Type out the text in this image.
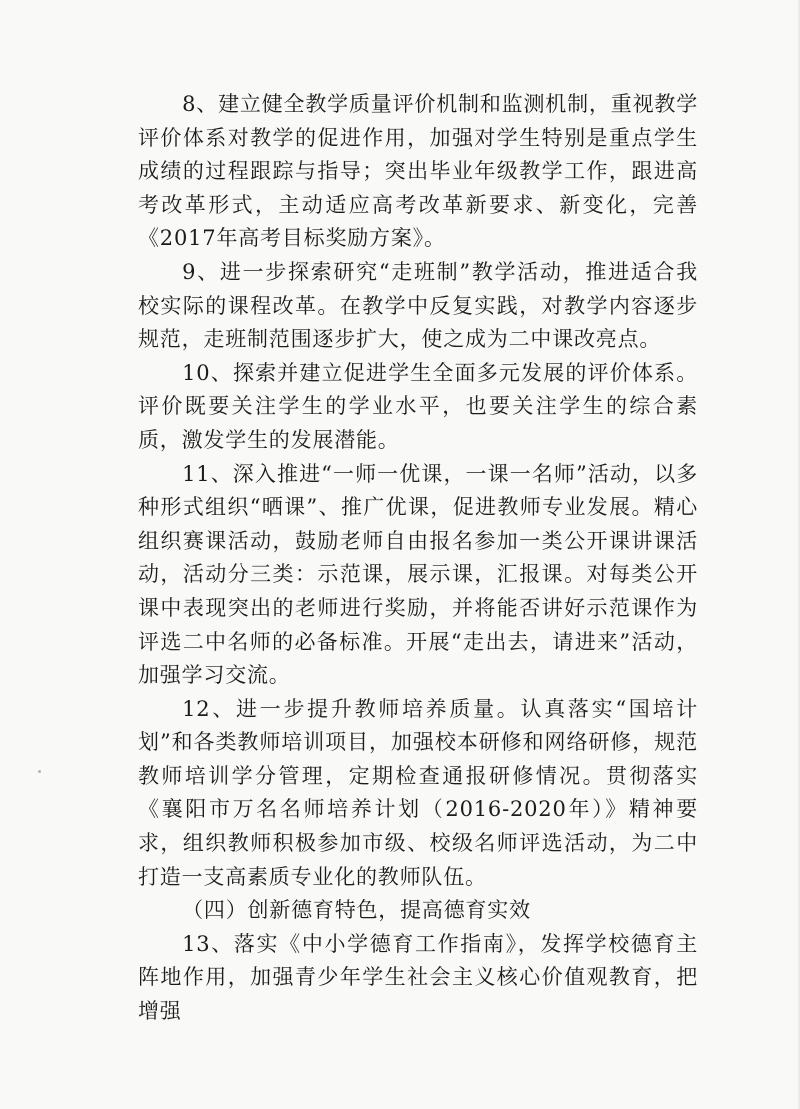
8、建立健全教学质量评价机制和监测机制，重视教学评价体系对教学的促进作用，加强对学生特别是重点学生成绩的过程跟踪与指导；突出毕业年级教学工作，跟进高考改革形式，主动适应高考改革新要求、新变化，完善《2017年高考目标奖励方案》。

9、进一步探索研究“走班制”教学活动，推进适合我校实际的课程改革。在教学中反复实践，对教学内容逐步规范，走班制范围逐步扩大，使之成为二中课改亮点。

10、探索并建立促进学生全面多元发展的评价体系。评价既要关注学生的学业水平，也要关注学生的综合素质，激发学生的发展潜能。

11、深入推进“一师一优课，一课一名师”活动，以多种形式组织“晒课”、推广优课，促进教师专业发展。精心组织赛课活动，鼓励老师自由报名参加一类公开课讲课活动，活动分三类：示范课，展示课，汇报课。对每类公开课中表现突出的老师进行奖励，并将能否讲好示范课作为评选二中名师的必备标准。开展“走出去，请进来”活动，加强学习交流。

12、进一步提升教师培养质量。认真落实“国培计划”和各类教师培训项目，加强校本研修和网络研修，规范教师培训学分管理，定期检查通报研修情况。贯彻落实《襄阳市万名名师培养计划（2016-2020年）》精神要求，组织教师积极参加市级、校级名师评选活动，为二中打造一支高素质专业化的教师队伍。

（四）创新德育特色，提高德育实效

13、落实《中小学德育工作指南》，发挥学校德育主阵地作用，加强青少年学生社会主义核心价值观教育，把增强
